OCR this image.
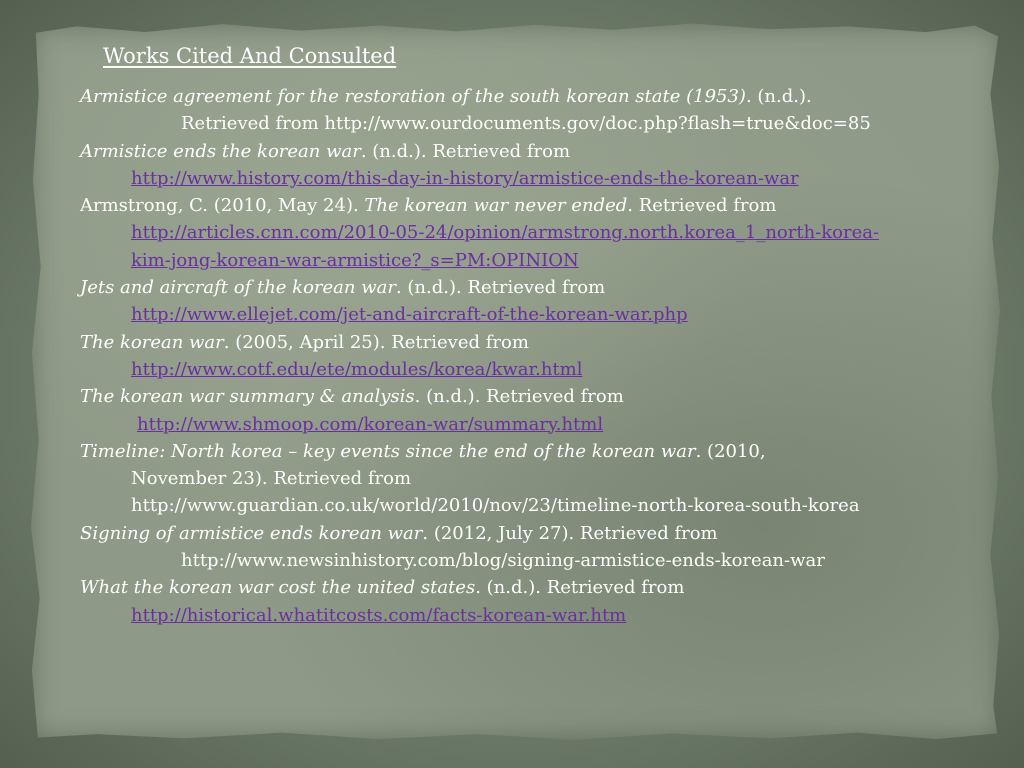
Works Cited And Consulted
Armistice agreement for the restoration of the south korean state (1953). (n.d.).
Retrieved from http://www.ourdocuments.gov/doc.php?flash=true&doc=85
Armistice ends the korean war. (n.d.). Retrieved from
http://www.history.com/this-day-in-history/armistice-ends-the-korean-war
Armstrong, C. (2010, May 24). The korean war never ended. Retrieved from
http://articles.cnn.com/2010-05-24/opinion/armstrong.north.korea_1_north-korea-
kim-jong-korean-war-armistice?_s=PM:OPINION
Jets and aircraft of the korean war. (n.d.). Retrieved from
http://www.ellejet.com/jet-and-aircraft-of-the-korean-war.php
The korean war. (2005, April 25). Retrieved from
http://www.cotf.edu/ete/modules/korea/kwar.html
The korean war summary & analysis. (n.d.). Retrieved from
http://www.shmoop.com/korean-war/summary.html
Timeline: North korea – key events since the end of the korean war. (2010,
November 23). Retrieved from
http://www.guardian.co.uk/world/2010/nov/23/timeline-north-korea-south-korea
Signing of armistice ends korean war. (2012, July 27). Retrieved from
http://www.newsinhistory.com/blog/signing-armistice-ends-korean-war
What the korean war cost the united states. (n.d.). Retrieved from
http://historical.whatitcosts.com/facts-korean-war.htm
